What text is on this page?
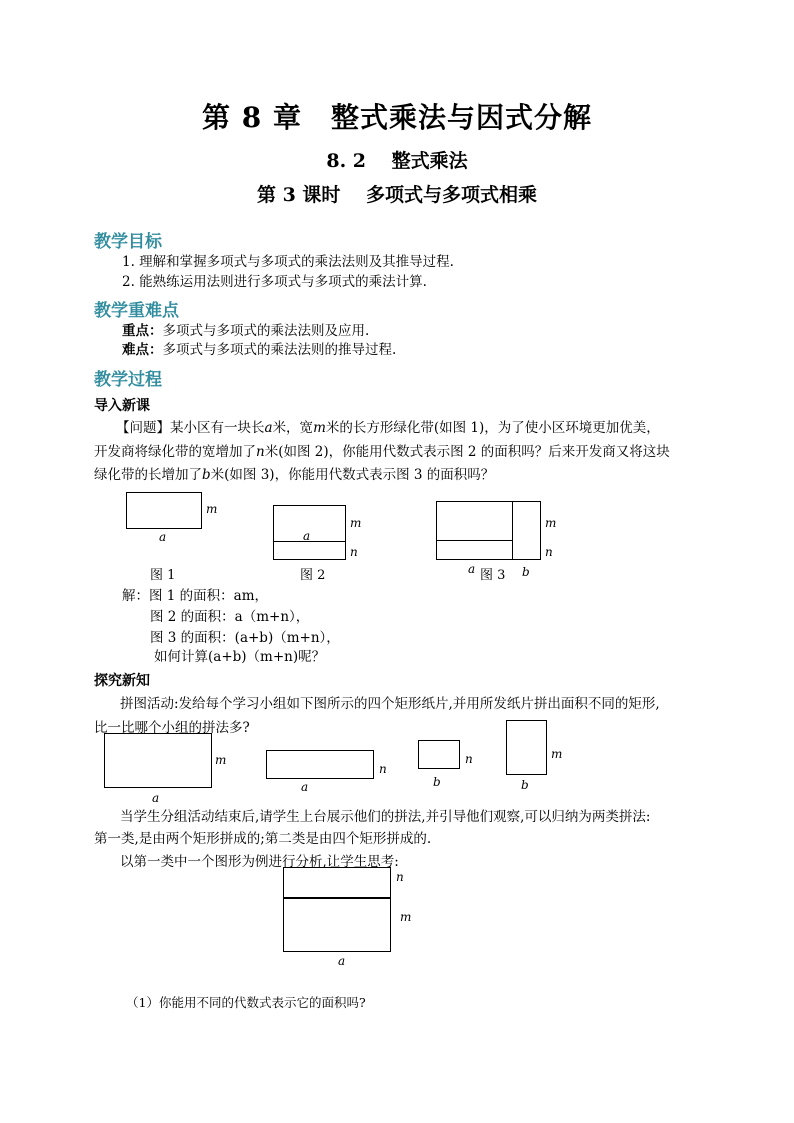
第 8 章　整式乘法与因式分解
8. 2　 整式乘法
第 3 课时　 多项式与多项式相乘
教学目标
1. 理解和掌握多项式与多项式的乘法法则及其推导过程.
2. 能熟练运用法则进行多项式与多项式的乘法计算.
教学重难点
重点：多项式与多项式的乘法法则及应用.
难点：多项式与多项式的乘法法则的推导过程.
教学过程
导入新课
【问题】某小区有一块长a米，宽m米的长方形绿化带(如图 1)，为了使小区环境更加优美，
开发商将绿化带的宽增加了n米(如图 2)，你能用代数式表示图 2 的面积吗？后来开发商又将这块
绿化带的长增加了b米(如图 3)，你能用代数式表示图 3 的面积吗？
m
a
图 1
a
m
n
图 2
m
n
a 图 3 b
解：图 1 的面积：am，
图 2 的面积：a（m+n），
图 3 的面积：(a+b)（m+n），
如何计算(a+b)（m+n)呢？
探究新知
拼图活动:发给每个学习小组如下图所示的四个矩形纸片,并用所发纸片拼出面积不同的矩形,
比一比哪个小组的拼法多?
m
a
n
a
n
b
m
b
当学生分组活动结束后,请学生上台展示他们的拼法,并引导他们观察,可以归纳为两类拼法:
第一类,是由两个矩形拼成的;第二类是由四个矩形拼成的.
以第一类中一个图形为例进行分析,让学生思考:
n
m
a
（1）你能用不同的代数式表示它的面积吗?
